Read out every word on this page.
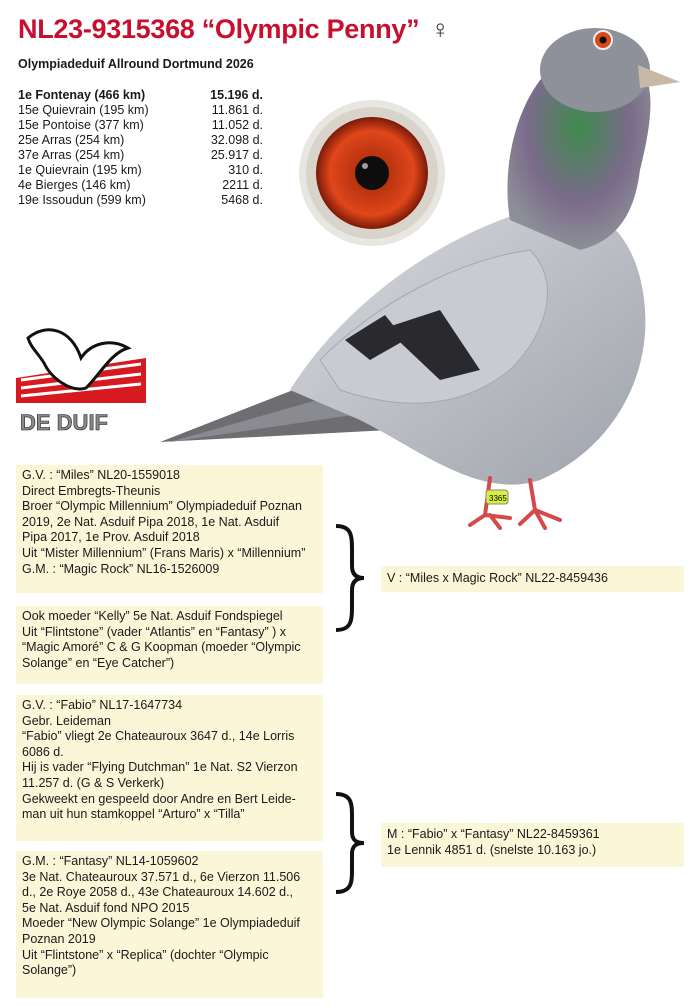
NL23-9315368 “Olympic Penny” ♀
Olympiadeduif Allround Dortmund 2026
1e Fontenay (466 km)	15.196 d.
15e Quievrain (195 km)	11.861 d.
15e Pontoise (377 km)	11.052 d.
25e Arras (254 km)	32.098 d.
37e Arras (254 km)	25.917 d.
1e Quievrain (195 km)	310 d.
4e Bierges (146 km)	2211 d.
19e Issoudun (599 km)	5468 d.
3365
DE DUIF
G.V. : “Miles” NL20-1559018
Direct Embregts-Theunis
Broer “Olympic Millennium” Olympiadeduif Poznan
2019, 2e Nat. Asduif Pipa 2018, 1e Nat. Asduif
Pipa 2017, 1e Prov. Asduif 2018
Uit “Mister Millennium” (Frans Maris) x “Millennium”
G.M. : “Magic Rock” NL16-1526009
Ook moeder “Kelly” 5e Nat. Asduif Fondspiegel
Uit “Flintstone” (vader “Atlantis” en “Fantasy” ) x
“Magic Amoré” C & G Koopman (moeder “Olympic
Solange” en “Eye Catcher”)
G.V. : “Fabio” NL17-1647734
Gebr. Leideman
“Fabio” vliegt 2e Chateauroux 3647 d., 14e Lorris
6086 d.
Hij is vader “Flying Dutchman” 1e Nat. S2 Vierzon
11.257 d. (G & S Verkerk)
Gekweekt en gespeeld door Andre en Bert Leide-
man uit hun stamkoppel “Arturo” x “Tilla”
G.M. : “Fantasy” NL14-1059602
3e Nat. Chateauroux 37.571 d., 6e Vierzon 11.506
d., 2e Roye 2058 d., 43e Chateauroux 14.602 d.,
5e Nat. Asduif fond NPO 2015
Moeder “New Olympic Solange” 1e Olympiadeduif
Poznan 2019
Uit “Flintstone” x “Replica” (dochter “Olympic
Solange”)
V : “Miles x Magic Rock” NL22-8459436
M : “Fabio” x “Fantasy” NL22-8459361
1e Lennik 4851 d. (snelste 10.163 jo.)
